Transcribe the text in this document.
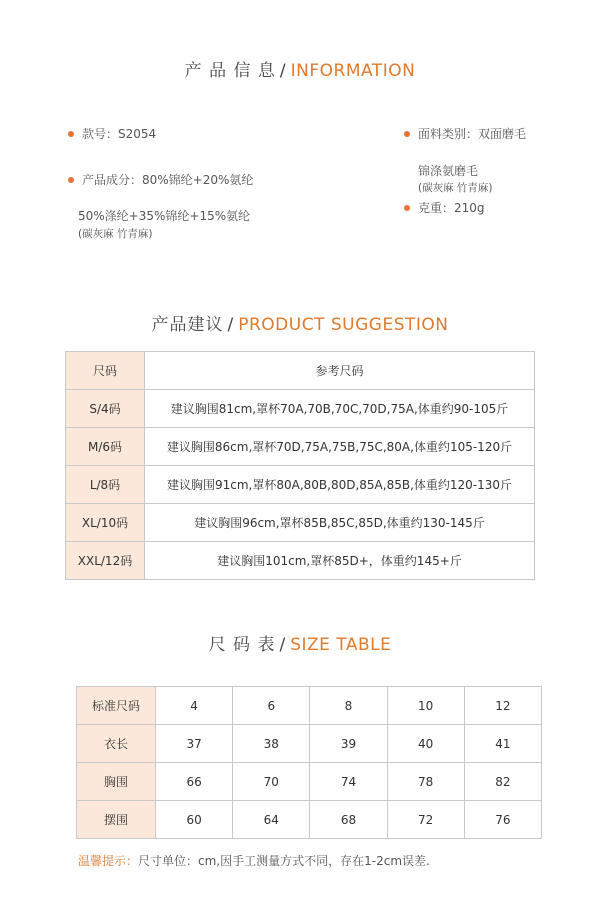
产 品 信 息 / INFORMATION
款号：S2054
产品成分：80%锦纶+20%氨纶
50%涤纶+35%锦纶+15%氨纶
(碳灰麻 竹青麻)
面料类别：双面磨毛
锦涤氨磨毛
(碳灰麻 竹青麻)
克重：210g
产品建议 / PRODUCT SUGGESTION
尺码	参考尺码
S/4码	建议胸围81cm,罩杯70A,70B,70C,70D,75A,体重约90-105斤
M/6码	建议胸围86cm,罩杯70D,75A,75B,75C,80A,体重约105-120斤
L/8码	建议胸围91cm,罩杯80A,80B,80D,85A,85B,体重约120-130斤
XL/10码	建议胸围96cm,罩杯85B,85C,85D,体重约130-145斤
XXL/12码	建议胸围101cm,罩杯85D+，体重约145+斤
尺 码 表 / SIZE TABLE
标准尺码	4	6	8	10	12
衣长	37	38	39	40	41
胸围	66	70	74	78	82
摆围	60	64	68	72	76
温馨提示：尺寸单位：cm,因手工测量方式不同，存在1-2cm误差.
